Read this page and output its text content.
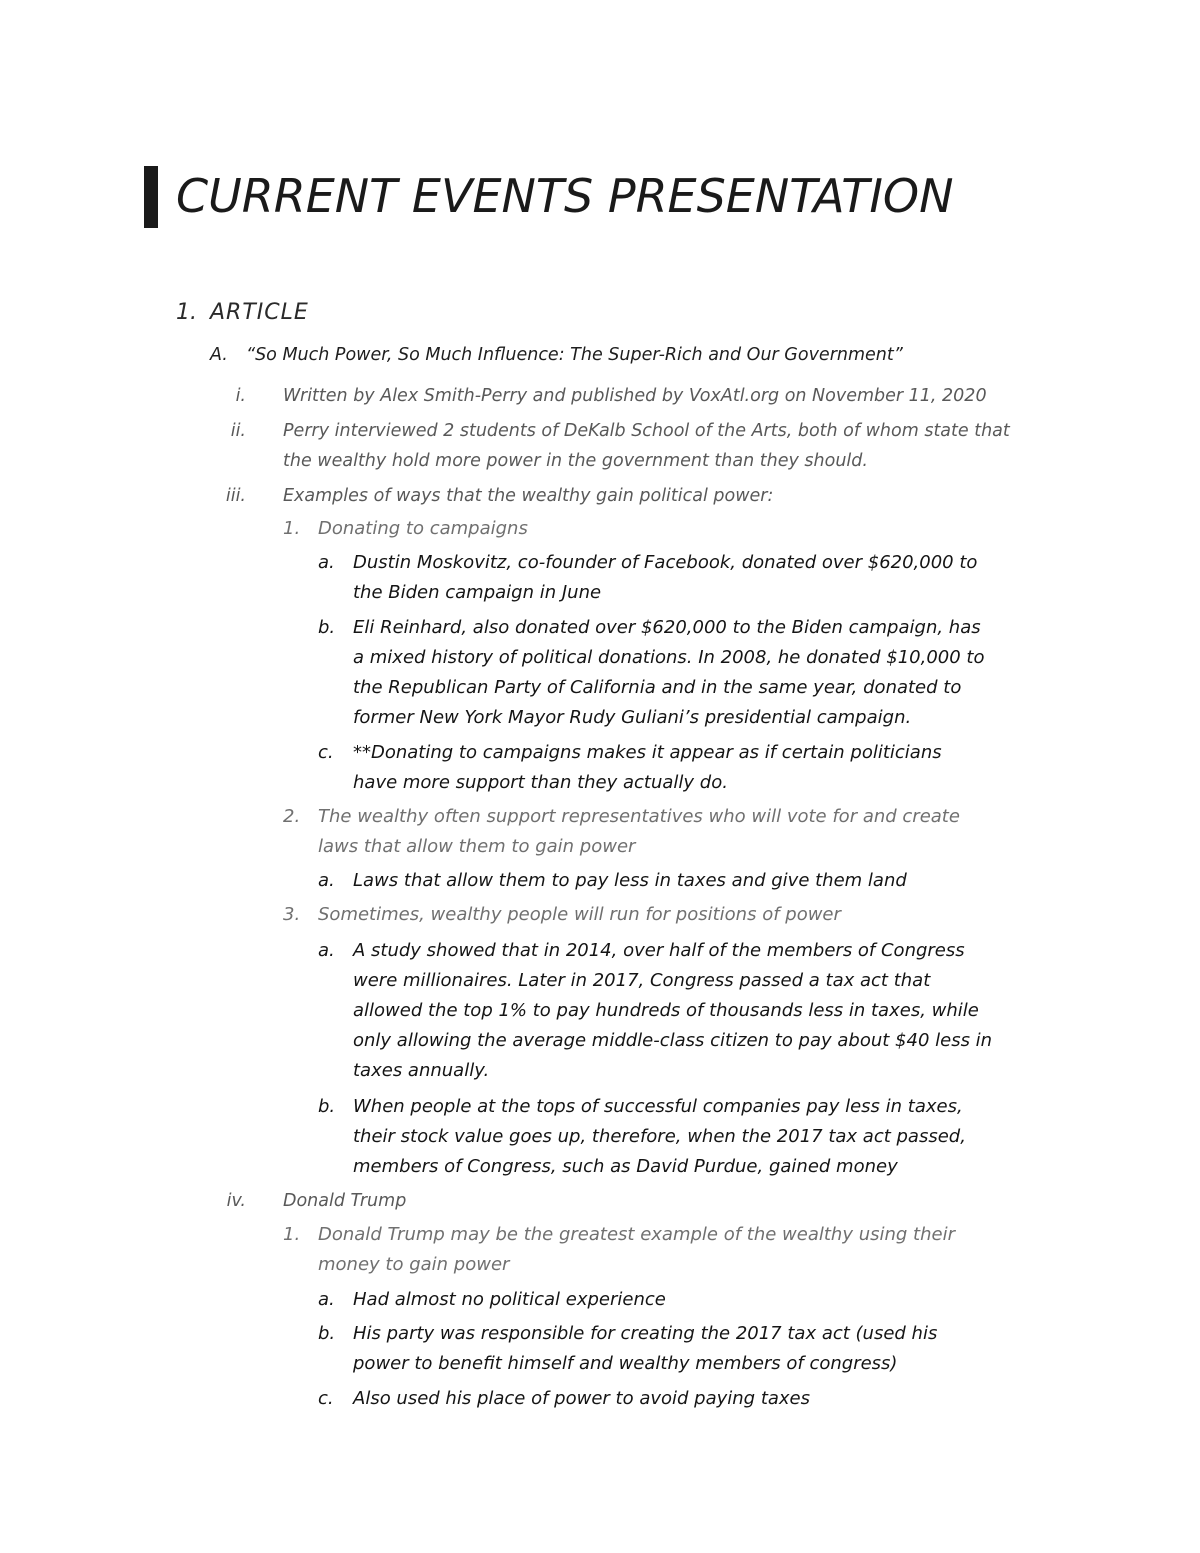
CURRENT EVENTS PRESENTATION
1. ARTICLE
A. “So Much Power, So Much Influence: The Super-Rich and Our Government”
i. Written by Alex Smith-Perry and published by VoxAtl.org on November 11, 2020
ii. Perry interviewed 2 students of DeKalb School of the Arts, both of whom state that
the wealthy hold more power in the government than they should.
iii. Examples of ways that the wealthy gain political power:
1. Donating to campaigns
a. Dustin Moskovitz, co-founder of Facebook, donated over $620,000 to
the Biden campaign in June
b. Eli Reinhard, also donated over $620,000 to the Biden campaign, has
a mixed history of political donations. In 2008, he donated $10,000 to
the Republican Party of California and in the same year, donated to
former New York Mayor Rudy Guliani’s presidential campaign.
c. **Donating to campaigns makes it appear as if certain politicians
have more support than they actually do.
2. The wealthy often support representatives who will vote for and create
laws that allow them to gain power
a. Laws that allow them to pay less in taxes and give them land
3. Sometimes, wealthy people will run for positions of power
a. A study showed that in 2014, over half of the members of Congress
were millionaires. Later in 2017, Congress passed a tax act that
allowed the top 1% to pay hundreds of thousands less in taxes, while
only allowing the average middle-class citizen to pay about $40 less in
taxes annually.
b. When people at the tops of successful companies pay less in taxes,
their stock value goes up, therefore, when the 2017 tax act passed,
members of Congress, such as David Purdue, gained money
iv. Donald Trump
1. Donald Trump may be the greatest example of the wealthy using their
money to gain power
a. Had almost no political experience
b. His party was responsible for creating the 2017 tax act (used his
power to benefit himself and wealthy members of congress)
c. Also used his place of power to avoid paying taxes
